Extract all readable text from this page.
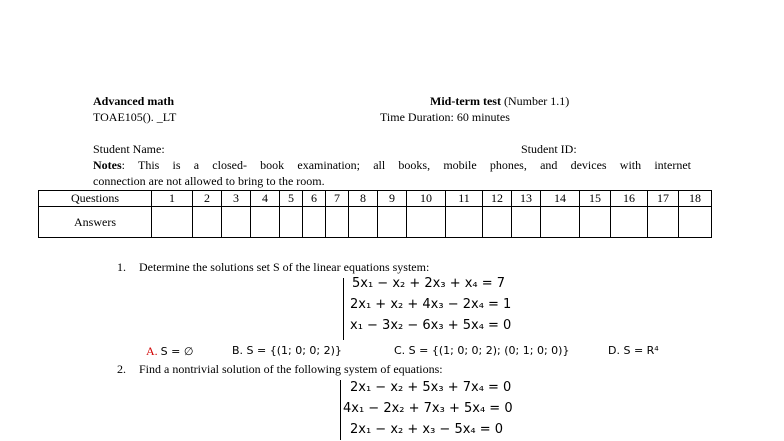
Advanced math
TOAE105(). _LT
Mid-term test (Number 1.1)
Time Duration: 60 minutes
Student Name:	Student ID:
Notes: This is a closed- book examination; all books, mobile phones, and devices with internet
connection are not allowed to bring to the room.
Questions	1	2	3	4	5	6	7	8	9	10	11	12	13	14	15	16	17	18
Answers																		
1. Determine the solutions set S of the linear equations system:
5x₁ − x₂ + 2x₃ + x₄ = 7
2x₁ + x₂ + 4x₃ − 2x₄ = 1
x₁ − 3x₂ − 6x₃ + 5x₄ = 0
A. S = ∅	B. S = {(1; 0; 0; 2)}	C. S = {(1; 0; 0; 2); (0; 1; 0; 0)}	D. S = R⁴
2. Find a nontrivial solution of the following system of equations:
2x₁ − x₂ + 5x₃ + 7x₄ = 0
4x₁ − 2x₂ + 7x₃ + 5x₄ = 0
2x₁ − x₂ + x₃ − 5x₄ = 0
